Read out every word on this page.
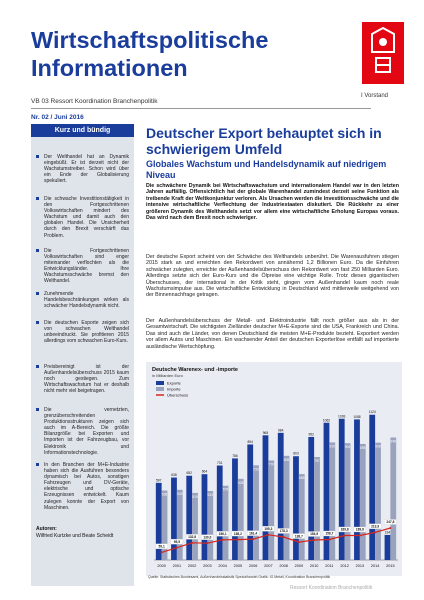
Wirtschaftspolitische
Informationen
I Vorstand
VB 03 Ressort Koordination Branchenpolitik
Nr. 02 / Juni 2016
Der Welthandel hat an Dynamik eingebüßt. Er ist derzeit nicht der Wachstumstreiber. Schon wird über ein Ende der Globalisierung spekuliert.
Die schwache Investitionstätigkeit in den Fortgeschrittenen Volkswirtschaften mindert des Wachstum und damit auch den globalen Handel. Die Unsicherheit durch den Brexit verschärft das Problem.
Die Fortgeschrittenen Volkswirtschaften sind enger miteinander verflochten als die Entwicklungsländer. Ihre Wachstumsschwäche bremst den Welthandel.
Zunehmende Handelsbeschränkungen wirken als schwächer Handelsdynamik nicht.
Die deutschen Exporte zeigen sich von schwachen Welthandel unbeeindruckt. Sie profitieren 2015 allerdings vom schwachen Euro-Kurs.
Preisbereinigt ist der Außenhandelsüberschuss 2015 kaum noch gestiegen. Zum Wirtschaftswachstum hat er deshalb nicht mehr viel beigetragen.
Die vernetzten, grenzüberschreitenden Produktionsstrukturen zeigen sich auch im A-Bereich. Die größte Bilanzgröße bei Exporten und Importen ist der Fahrzeugbau, vor Elektronik und Informationstechnologie.
In den Branchen der M+E-Industrie haben sich die Ausfuhren besonders dynamisch bei Autos, sonstigen Fahrzeugen und DV-Geräte, elektrische und optische Erzeugnissen entwickelt. Kaum zulegen konnte der Export von Maschinen.
Autoren:
Wilfried Kurtzke und Beate Scheidt
Kurz und bündig	Deutscher Export behauptet sich in schwierigem Umfeld
Globales Wachstum und Handelsdynamik auf niedrigem Niveau
Die schwächere Dynamik bei Wirtschaftswachstum und internationalem Handel war in den letzten Jahren auffällig. Offensichtlich hat der globale Warenhandel zumindest derzeit seine Funktion als treibende Kraft der Weltkonjunktur verloren. Als Ursachen werden die Investitionsschwäche und die intensive wirtschaftliche Verflechtung der Industriestaaten diskutiert. Die Rückkehr zu einer größeren Dynamik des Welthandels setzt vor allem eine wirtschaftliche Erholung Europas voraus. Das wird nach dem Brexit noch schwieriger.
Der deutsche Export scheint von der Schwäche des Welthandels unberührt. Die Warenausfuhren stiegen 2015 stark an und erreichten den Rekordwert von annähernd 1,2 Billionen Euro. Da die Einfuhren schwächer zulegten, erreichte der Außenhandelsüberschuss den Rekordwert von fast 250 Milliarden Euro. Allerdings setzte sich der Euro-Kurs und die Ölpreise eine wichtige Rolle. Trotz dieses gigantischen Überschusses, der international in der Kritik steht, gingen vom Außenhandel kaum noch reale Wachstumsimpulse aus. Die wirtschaftliche Entwicklung in Deutschland wird mittlerweile weitgehend von der Binnennachfrage getragen.
Der Außenhandelsüberschuss der Metall- und Elektroindustrie fällt noch größer aus als in der Gesamtwirtschaft. Die wichtigsten Zielländer deutscher M+E-Exporte sind die USA, Frankreich und China. Das sind auch die Länder, von denen Deutschland die meisten M+E-Produkte bezieht. Exportiert werden vor allem Autos und Maschinen. Ein wachsender Anteil der deutschen Exporterlöse entfällt auf importierte ausländische Wertschöpfung.
Deutsche Warenex- und -importe
in Milliarden Euro
Exporte
Importe
Überschuss
597
538
2000
638
543
2001
652
519
2002
664
534
2003
731
575
2004
786
628
2005
894
733
2006
965
770
2007
984
806
2008
803
665
2009
952
797
2010
1062
910
2011
1093
904
2012
1088
898
2013
1124
908
2014
194
948
2015
59,1
95,5
132,8 130,0
156,1 158,2 161,4
195,3
178,3
138,7
154,9 158,7
189,8 189,8
213,9
247,8
Quelle: Statistisches Bundesamt, Außenhandelsstatistik Spezialhandel Grafik: IG Metall, Koordination Branchenpolitik
Ressort Koordination Branchenpolitik
